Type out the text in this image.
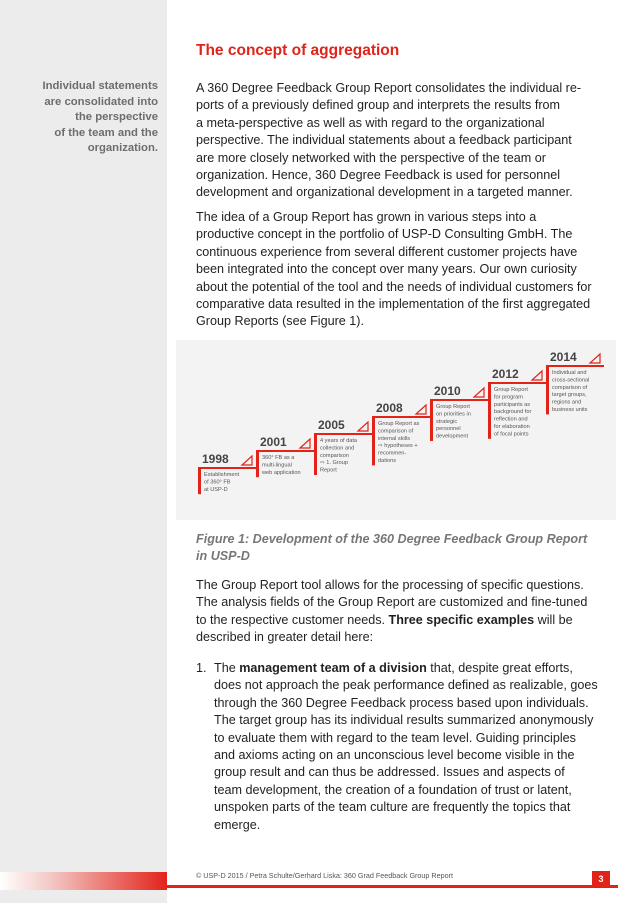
Individual statements
are consolidated into
the perspective
of the team and the
organization.
The concept of aggregation
A 360 Degree Feedback Group Report consolidates the individual re-
ports of a previously defined group and interprets the results from
a meta-perspective as well as with regard to the organizational
perspective. The individual statements about a feedback participant
are more closely networked with the perspective of the team or
organization. Hence, 360 Degree Feedback is used for personnel
development and organizational development in a targeted manner.
The idea of a Group Report has grown in various steps into a
productive concept in the portfolio of USP-D Consulting GmbH. The
continuous experience from several different customer projects have
been integrated into the concept over many years. Our own curiosity
about the potential of the tool and the needs of individual customers for
comparative data resulted in the implementation of the first aggregated
Group Reports (see Figure 1).
1998
Establishment
of 360° FB
at USP-D
2001
360° FB as a
multi-lingual
web application
2005
4 years of data
collection and
comparison
⇨ 1. Group
Report
2008
Group Report as
comparison of
internal skills
⇨ hypotheses +
recommen-
dations
2010
Group Report
on priorities in
strategic
personnel
development
2012
Group Report
for program
participants as
background for
reflection and
for elaboration
of focal points
2014
Individual and
cross-sectional
comparison of
target groups,
regions and
business units
Figure 1: Development of the 360 Degree Feedback Group Report
in USP-D
The Group Report tool allows for the processing of specific questions.
The analysis fields of the Group Report are customized and fine-tuned
to the respective customer needs. Three specific examples will be
described in greater detail here:
1. The management team of a division that, despite great efforts,
does not approach the peak performance defined as realizable, goes
through the 360 Degree Feedback process based upon individuals.
The target group has its individual results summarized anonymously
to evaluate them with regard to the team level. Guiding principles
and axioms acting on an unconscious level become visible in the
group result and can thus be addressed. Issues and aspects of
team development, the creation of a foundation of trust or latent,
unspoken parts of the team culture are frequently the topics that
emerge.
© USP-D 2015 / Petra Schulte/Gerhard Liska: 360 Grad Feedback Group Report	3
